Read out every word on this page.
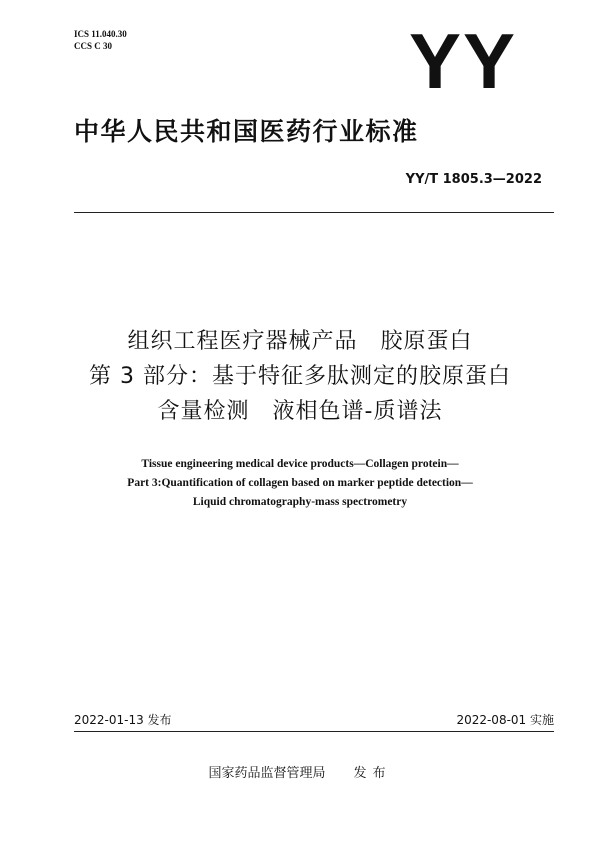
ICS 11.040.30
CCS C 30	YY
中华人民共和国医药行业标准
YY/T 1805.3—2022
组织工程医疗器械产品　胶原蛋白
第 3 部分：基于特征多肽测定的胶原蛋白
含量检测　液相色谱-质谱法
Tissue engineering medical device products—Collagen protein—
Part 3:Quantification of collagen based on marker peptide detection—
Liquid chromatography-mass spectrometry
2022-01-13 发布	2022-08-01 实施
国家药品监督管理局 发布
